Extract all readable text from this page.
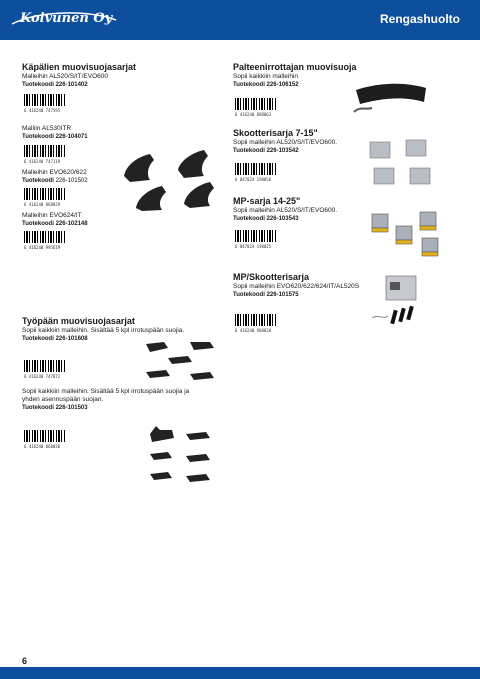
Koivunen Oy	Rengashuolto

Käpälien muovisuojasarjat

Malleihin AL520/S/IT/EVO600

Tuotekoodi 226-101402

6 416240 747595

Malliin AL530ITR

Tuotekoodi 226-104071

6 416240 747119

Malleihin EVO620/622

Tuotekoodi 226-101502

6 416240 868029

Malleihin EVO624/IT

Tuotekoodi 226-102148

6 416240 995619

Työpään muovisuojasarjat

Sopii kaikkiin malleihin. Sisältää 5 kpl irrotuspään suojia.

Tuotekoodi 226-101608

6 416240 747872

Sopii kaikkiin malleihin. Sisältää 5 kpl irrotuspään suojia ja

yhden asennuspään suojan.

Tuotekoodi 226-101503

6 416240 868036

Palteenirrottajan muovisuoja

Sopii kaikkiin malleihin

Tuotekoodi 226-106152

6 416240 888063

Skootterisarja 7-15"

Sopii malleihin AL520/S/IT/EVO600.

Tuotekoodi 226-103542

6 047024 198056

MP-sarja 14-25"

Sopii malleihin AL520/S/IT/EVO600.

Tuotekoodi 226-103543

6 047024 198025

MP/Skootterisarja

Sopii malleihin EVO620/622/624/IT/AL520S

Tuotekoodi 226-101575

6 416240 908028
6
